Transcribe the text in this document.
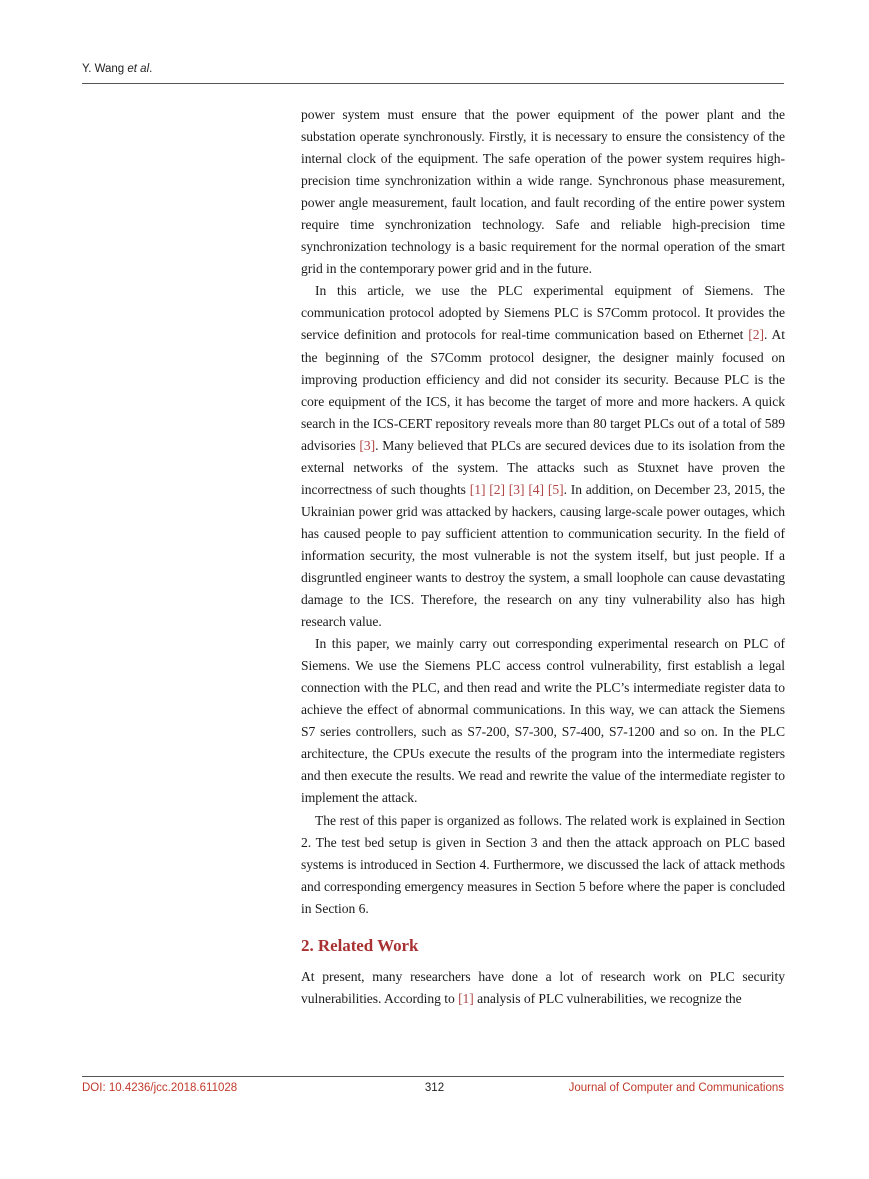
Y. Wang et al.

power system must ensure that the power equipment of the power plant and the substation operate synchronously. Firstly, it is necessary to ensure the consistency of the internal clock of the equipment. The safe operation of the power system requires high-precision time synchronization within a wide range. Synchronous phase measurement, power angle measurement, fault location, and fault recording of the entire power system require time synchronization technology. Safe and reliable high-precision time synchronization technology is a basic requirement for the normal operation of the smart grid in the contemporary power grid and in the future.

In this article, we use the PLC experimental equipment of Siemens. The communication protocol adopted by Siemens PLC is S7Comm protocol. It provides the service definition and protocols for real-time communication based on Ethernet [2]. At the beginning of the S7Comm protocol designer, the designer mainly focused on improving production efficiency and did not consider its security. Because PLC is the core equipment of the ICS, it has become the target of more and more hackers. A quick search in the ICS-CERT repository reveals more than 80 target PLCs out of a total of 589 advisories [3]. Many believed that PLCs are secured devices due to its isolation from the external networks of the system. The attacks such as Stuxnet have proven the incorrectness of such thoughts [1] [2] [3] [4] [5]. In addition, on December 23, 2015, the Ukrainian power grid was attacked by hackers, causing large-scale power outages, which has caused people to pay sufficient attention to communication security. In the field of information security, the most vulnerable is not the system itself, but just people. If a disgruntled engineer wants to destroy the system, a small loophole can cause devastating damage to the ICS. Therefore, the research on any tiny vulnerability also has high research value.

In this paper, we mainly carry out corresponding experimental research on PLC of Siemens. We use the Siemens PLC access control vulnerability, first establish a legal connection with the PLC, and then read and write the PLC’s intermediate register data to achieve the effect of abnormal communications. In this way, we can attack the Siemens S7 series controllers, such as S7-200, S7-300, S7-400, S7-1200 and so on. In the PLC architecture, the CPUs execute the results of the program into the intermediate registers and then execute the results. We read and rewrite the value of the intermediate register to implement the attack.

The rest of this paper is organized as follows. The related work is explained in Section 2. The test bed setup is given in Section 3 and then the attack approach on PLC based systems is introduced in Section 4. Furthermore, we discussed the lack of attack methods and corresponding emergency measures in Section 5 before where the paper is concluded in Section 6.

2. Related Work

At present, many researchers have done a lot of research work on PLC security vulnerabilities. According to [1] analysis of PLC vulnerabilities, we recognize the

DOI: 10.4236/jcc.2018.611028	312	Journal of Computer and Communications
